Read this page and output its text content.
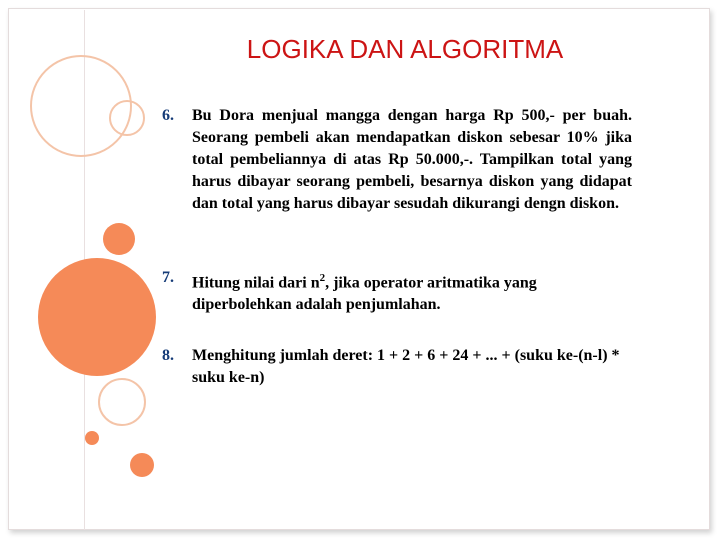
LOGIKA DAN ALGORITMA
6.	Bu Dora menjual mangga dengan harga Rp 500,- per buah. Seorang pembeli akan mendapatkan diskon sebesar 10% jika total pembeliannya di atas Rp 50.000,-. Tampilkan total yang harus dibayar seorang pembeli, besarnya diskon yang didapat dan total yang harus dibayar sesudah dikurangi dengn diskon.
7.	Hitung nilai dari $n^2$, jika operator aritmatika yang diperbolehkan adalah penjumlahan.
8.	Menghitung jumlah deret: 1 + 2 + 6 + 24 + ... + (suku ke-(n-l) * suku ke-n)
